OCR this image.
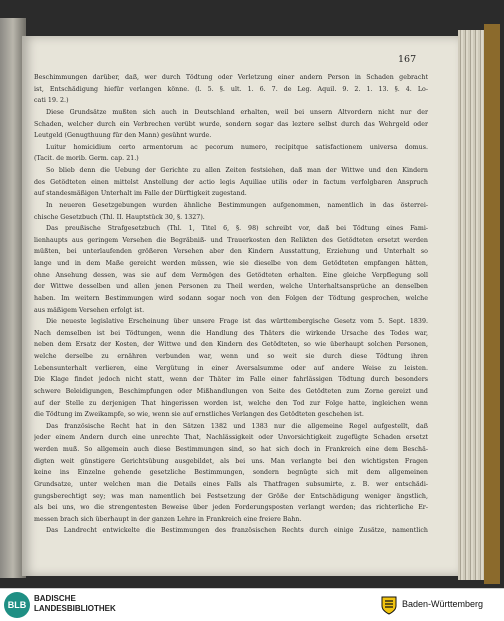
167
Beschimmungen darüber, daß, wer durch Tödtung oder Verletzung einer andern Person in Schaden gebracht
ist, Entschädigung hiefür verlangen könne. (l. 5. §. ult. 1. 6. 7. de Leg. Aquil. 9. 2. 1. 13. §. 4. Lo-
cati 19. 2.)
Diese Grundsätze mußten sich auch in Deutschland erhalten, weil bei unsern Altvordern nicht nur der
Schaden, welcher durch ein Verbrechen verübt wurde, sondern sogar das leztere selbst durch das Wehrgeld oder
Leutgeld (Genugthuung für den Mann) gesühnt wurde.
Luitur homicidium certo armentorum ac pecorum numero, recipitque satisfactionem universa domus.
(Tacit. de morib. Germ. cap. 21.)
So blieb denn die Uebung der Gerichte zu allen Zeiten festsiehen, daß man der Wittwe und den Kindern
des Getödteten einen mittelst Anstellung der actio legis Aquiliae utilis oder in factum verfolgbaren Anspruch
auf standesmäßigen Unterhalt im Falle der Dürftigkeit zugestand.
In neueren Gesetzgebungen wurden ähnliche Bestimmungen aufgenommen, namentlich in das österrei-
chische Gesetzbuch (Thl. II. Hauptstück 30, §. 1327).
Das preußische Strafgesetzbuch (Thl. 1, Titel 6, §. 98) schreibt vor, daß bei Tödtung eines Fami-
lienhaupts aus geringem Versehen die Begräbniß- und Trauerkosten den Relikten des Getödteten ersetzt werden
müßten, bei unterlaufenden größeren Versehen aber den Kindern Ausstattung, Erziehung und Unterhalt so
lange und in dem Maße gereicht werden müssen, wie sie dieselbe von dem Getödteten empfangen hätten,
ohne Ansehung dessen, was sie auf dem Vermögen des Getödteten erhalten. Eine gleiche Verpflegung soll
der Wittwe desselben und allen jenen Personen zu Theil werden, welche Unterhaltsansprüche an denselben
haben. Im weitern Bestimmungen wird sodann sogar noch von den Folgen der Tödtung gesprochen, welche
aus mäßigem Versehen erfolgt ist.
Die neueste legislative Erscheinung über unsere Frage ist das württembergische Gesetz vom 5. Sept. 1839.
Nach demselben ist bei Tödtungen, wenn die Handlung des Thäters die wirkende Ursache des Todes war,
neben dem Ersatz der Kosten, der Wittwe und den Kindern des Getödteten, so wie überhaupt solchen Personen,
welche derselbe zu ernähren verbunden war, wenn und so weit sie durch diese Tödtung ihren
Lebensunterhalt verlieren, eine Vergütung in einer Aversalsumme oder auf andere Weise zu leisten.
Die Klage findet jedoch nicht statt, wenn der Thäter im Falle einer fahrlässigen Tödtung durch besonders
schwere Beleidigungen, Beschimpfungen oder Mißhandlungen von Seite des Getödteten zum Zorne gereizt und
auf der Stelle zu derjenigen That hingerissen worden ist, welche den Tod zur Folge hatte, ingleichen wenn
die Tödtung im Zweikampfe, so wie, wenn sie auf ernstliches Verlangen des Getödteten geschehen ist.
Das französische Recht hat in den Sätzen 1382 und 1383 nur die allgemeine Regel aufgestellt, daß
jeder einem Andern durch eine unrechte That, Nachlässigkeit oder Unvorsichtigkeit zugefügte Schaden ersetzt
werden muß. So allgemein auch diese Bestimmungen sind, so hat sich doch in Frankreich eine dem Beschä-
digten weit günstigere Gerichtsübung ausgebildet, als bei uns. Man verlangte bei den wichtigsten Fragen
keine ins Einzelne gehende gesetzliche Bestimmungen, sondern begnügte sich mit dem allgemeinen
Grundsatze, unter welchen man die Details eines Falls als Thatfragen subsumirte, z. B. wer entschädi-
gungsberechtigt sey; was man namentlich bei Festsetzung der Größe der Entschädigung weniger ängstlich,
als bei uns, wo die strengentesten Beweise über jeden Forderungsposten verlangt werden; das richterliche Er-
messen brach sich überhaupt in der ganzen Lehre in Frankreich eine freiere Bahn.
Das Landrecht entwickelte die Bestimmungen des französischen Rechts durch einige Zusätze, namentlich
BLB
BADISCHE
LANDESBIBLIOTHEK	Baden-Württemberg
